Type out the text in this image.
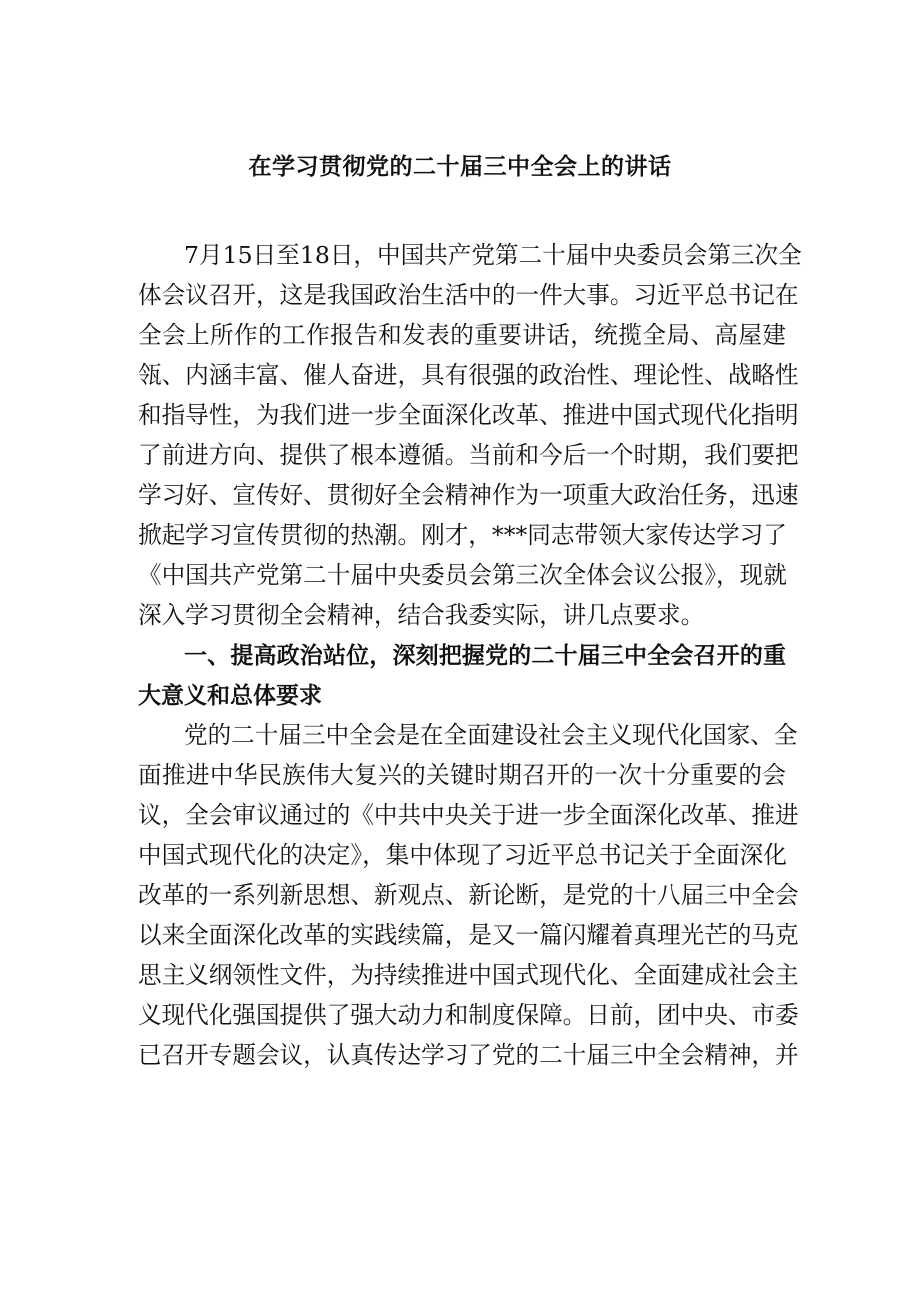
在学习贯彻党的二十届三中全会上的讲话
7月15日至18日，中国共产党第二十届中央委员会第三次全
体会议召开，这是我国政治生活中的一件大事。习近平总书记在
全会上所作的工作报告和发表的重要讲话，统揽全局、高屋建
瓴、内涵丰富、催人奋进，具有很强的政治性、理论性、战略性
和指导性，为我们进一步全面深化改革、推进中国式现代化指明
了前进方向、提供了根本遵循。当前和今后一个时期，我们要把
学习好、宣传好、贯彻好全会精神作为一项重大政治任务，迅速
掀起学习宣传贯彻的热潮。刚才，***同志带领大家传达学习了
《中国共产党第二十届中央委员会第三次全体会议公报》，现就
深入学习贯彻全会精神，结合我委实际，讲几点要求。
一、提高政治站位，深刻把握党的二十届三中全会召开的重
大意义和总体要求
党的二十届三中全会是在全面建设社会主义现代化国家、全
面推进中华民族伟大复兴的关键时期召开的一次十分重要的会
议，全会审议通过的《中共中央关于进一步全面深化改革、推进
中国式现代化的决定》，集中体现了习近平总书记关于全面深化
改革的一系列新思想、新观点、新论断，是党的十八届三中全会
以来全面深化改革的实践续篇，是又一篇闪耀着真理光芒的马克
思主义纲领性文件，为持续推进中国式现代化、全面建成社会主
义现代化强国提供了强大动力和制度保障。日前，团中央、市委
已召开专题会议，认真传达学习了党的二十届三中全会精神，并
